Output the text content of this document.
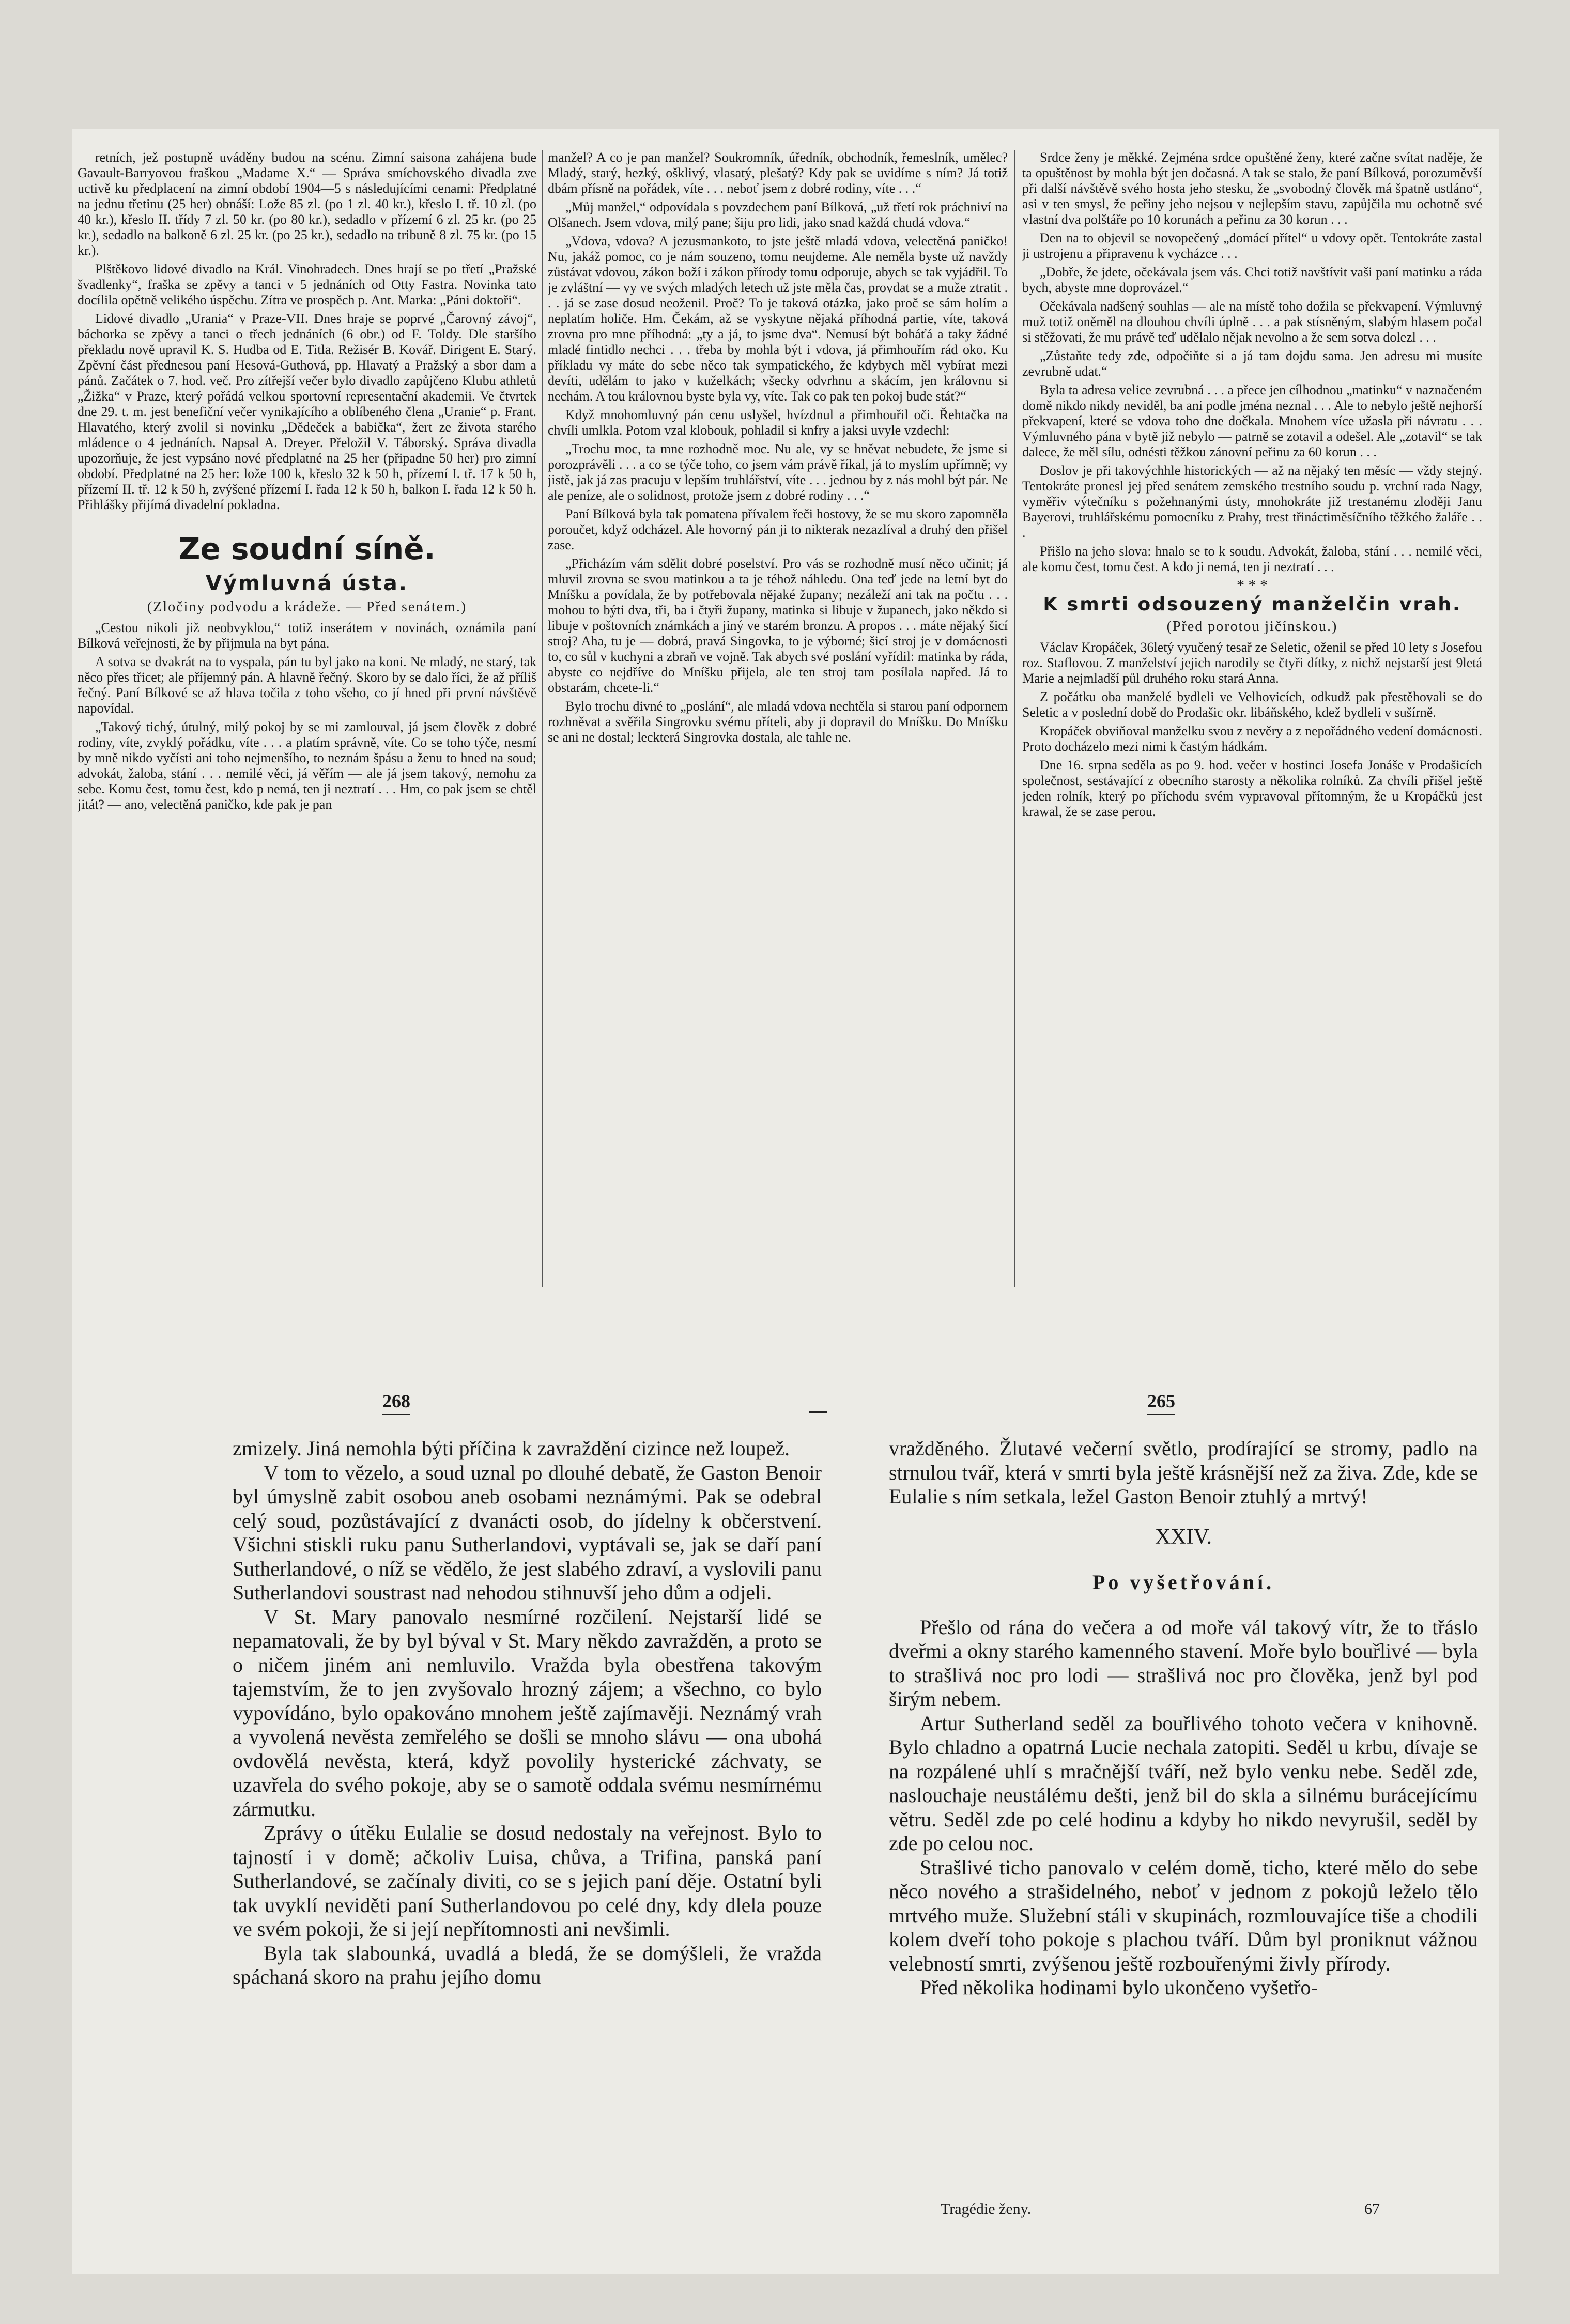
retních, jež postupně uváděny budou na scénu. Zimní saisona zahájena bude Gavault-Barryovou fraškou „Madame X.“ — Správa smíchovského divadla zve uctivě ku předplacení na zimní období 1904—5 s následujícími cenami: Předplatné na jednu třetinu (25 her) obnáší: Lože 85 zl. (po 1 zl. 40 kr.), křeslo I. tř. 10 zl. (po 40 kr.), křeslo II. třídy 7 zl. 50 kr. (po 80 kr.), sedadlo v přízemí 6 zl. 25 kr. (po 25 kr.), sedadlo na balkoně 6 zl. 25 kr. (po 25 kr.), sedadlo na tribuně 8 zl. 75 kr. (po 15 kr.).

Plštěkovo lidové divadlo na Král. Vinohradech. Dnes hrají se po třetí „Pražské švadlenky“, fraška se zpěvy a tanci v 5 jednáních od Otty Fastra. Novinka tato docílila opětně velikého úspěchu. Zítra ve prospěch p. Ant. Marka: „Páni doktoři“.

Lidové divadlo „Urania“ v Praze-VII. Dnes hraje se poprvé „Čarovný závoj“, báchorka se zpěvy a tanci o třech jednáních (6 obr.) od F. Toldy. Dle staršího překladu nově upravil K. S. Hudba od E. Titla. Režisér B. Kovář. Dirigent E. Starý. Zpěvní část přednesou paní Hesová-Guthová, pp. Hlavatý a Pražský a sbor dam a pánů. Začátek o 7. hod. več. Pro zítřejší večer bylo divadlo zapůjčeno Klubu athletů „Žižka“ v Praze, který pořádá velkou sportovní representační akademii. Ve čtvrtek dne 29. t. m. jest benefiční večer vynikajícího a oblíbeného člena „Uranie“ p. Frant. Hlavatého, který zvolil si novinku „Dědeček a babička“, žert ze života starého mládence o 4 jednáních. Napsal A. Dreyer. Přeložil V. Táborský. Správa divadla upozorňuje, že jest vypsáno nové předplatné na 25 her (připadne 50 her) pro zimní období. Předplatné na 25 her: lože 100 k, křeslo 32 k 50 h, přízemí I. tř. 17 k 50 h, přízemí II. tř. 12 k 50 h, zvýšené přízemí I. řada 12 k 50 h, balkon I. řada 12 k 50 h. Přihlášky přijímá divadelní pokladna.

Ze soudní síně.
Výmluvná ústa.
(Zločiny podvodu a krádeže. — Před senátem.)

„Cestou nikoli již neobvyklou,“ totiž inserátem v novinách, oznámila paní Bílková veřejnosti, že by přijmula na byt pána.

A sotva se dvakrát na to vyspala, pán tu byl jako na koni. Ne mladý, ne starý, tak něco přes třicet; ale příjemný pán. A hlavně řečný. Skoro by se dalo říci, že až příliš řečný. Paní Bílkové se až hlava točila z toho všeho, co jí hned při první návštěvě napovídal.

„Takový tichý, útulný, milý pokoj by se mi zamlouval, já jsem člověk z dobré rodiny, víte, zvyklý pořádku, víte . . . a platím správně, víte. Co se toho týče, nesmí by mně nikdo vyčísti ani toho nejmenšího, to neznám špásu a ženu to hned na soud; advokát, žaloba, stání . . . nemilé věci, já věřím — ale já jsem takový, nemohu za sebe. Komu čest, tomu čest, kdo p nemá, ten ji neztratí . . . Hm, co pak jsem se chtěl jitát? — ano, velectěná paničko, kde pak je pan

manžel? A co je pan manžel? Soukromník, úředník, obchodník, řemeslník, umělec? Mladý, starý, hezký, ošklivý, vlasatý, plešatý? Kdy pak se uvidíme s ním? Já totiž dbám přísně na pořádek, víte . . . neboť jsem z dobré rodiny, víte . . .“

„Můj manžel,“ odpovídala s povzdechem paní Bílková, „už třetí rok práchniví na Olšanech. Jsem vdova, milý pane; šiju pro lidi, jako snad každá chudá vdova.“

„Vdova, vdova? A jezusmankoto, to jste ještě mladá vdova, velectěná paničko! Nu, jakáž pomoc, co je nám souzeno, tomu neujdeme. Ale neměla byste už navždy zůstávat vdovou, zákon boží i zákon přírody tomu odporuje, abych se tak vyjádřil. To je zvláštní — vy ve svých mladých letech už jste měla čas, provdat se a muže ztratit . . . já se zase dosud neoženil. Proč? To je taková otázka, jako proč se sám holím a neplatím holiče. Hm. Čekám, až se vyskytne nějaká příhodná partie, víte, taková zrovna pro mne příhodná: „ty a já, to jsme dva“. Nemusí být boháťá a taky žádné mladé fintidlo nechci . . . třeba by mohla být i vdova, já přimhouřím rád oko. Ku příkladu vy máte do sebe něco tak sympatického, že kdybych měl vybírat mezi devíti, udělám to jako v kuželkách; všecky odvrhnu a skácím, jen královnu si nechám. A tou královnou byste byla vy, víte. Tak co pak ten pokoj bude stát?“

Když mnohomluvný pán cenu uslyšel, hvízdnul a přimhouřil oči. Řehtačka na chvíli umlkla. Potom vzal klobouk, pohladil si knfry a jaksi uvyle vzdechl:

„Trochu moc, ta mne rozhodně moc. Nu ale, vy se hněvat nebudete, že jsme si porozprávěli . . . a co se týče toho, co jsem vám právě říkal, já to myslím upřímně; vy jistě, jak já zas pracuju v lepším truhlářství, víte . . . jednou by z nás mohl být pár. Ne ale peníze, ale o solidnost, protože jsem z dobré rodiny . . .“

Paní Bílková byla tak pomatena přívalem řeči hostovy, že se mu skoro zapomněla poroučet, když odcházel. Ale hovorný pán ji to nikterak nezazlíval a druhý den přišel zase.

„Přicházím vám sdělit dobré poselství. Pro vás se rozhodně musí něco učinit; já mluvil zrovna se svou matinkou a ta je téhož náhledu. Ona teď jede na letní byt do Mníšku a povídala, že by potřebovala nějaké župany; nezáleží ani tak na počtu . . . mohou to býti dva, tři, ba i čtyři župany, matinka si libuje v županech, jako někdo si libuje v poštovních známkách a jiný ve starém bronzu. A propos . . . máte nějaký šicí stroj? Aha, tu je — dobrá, pravá Singovka, to je výborné; šicí stroj je v domácnosti to, co sůl v kuchyni a zbraň ve vojně. Tak abych své poslání vyřídil: matinka by ráda, abyste co nejdříve do Mníšku přijela, ale ten stroj tam posílala napřed. Já to obstarám, chcete-li.“

Bylo trochu divné to „poslání“, ale mladá vdova nechtěla si starou paní odpornem rozhněvat a svěřila Singrovku svému příteli, aby ji dopravil do Mníšku. Do Mníšku se ani ne dostal; leckterá Singrovka dostala, ale tahle ne.

Srdce ženy je měkké. Zejména srdce opuštěné ženy, které začne svítat naděje, že ta opuštěnost by mohla být jen dočasná. A tak se stalo, že paní Bílková, porozuměvší při další návštěvě svého hosta jeho stesku, že „svobodný člověk má špatně ustláno“, asi v ten smysl, že peřiny jeho nejsou v nejlepším stavu, zapůjčila mu ochotně své vlastní dva polštáře po 10 korunách a peřinu za 30 korun . . .

Den na to objevil se novopečený „domácí přítel“ u vdovy opět. Tentokráte zastal ji ustrojenu a připravenu k vycházce . . .

„Dobře, že jdete, očekávala jsem vás. Chci totiž navštívit vaši paní matinku a ráda bych, abyste mne doprovázel.“

Očekávala nadšený souhlas — ale na místě toho dožila se překvapení. Výmluvný muž totiž oněměl na dlouhou chvíli úplně . . . a pak stísněným, slabým hlasem počal si stěžovati, že mu právě teď udělalo nějak nevolno a že sem sotva dolezl . . .

„Zůstaňte tedy zde, odpočiňte si a já tam dojdu sama. Jen adresu mi musíte zevrubně udat.“

Byla ta adresa velice zevrubná . . . a přece jen cílhodnou „matinku“ v naznačeném domě nikdo nikdy neviděl, ba ani podle jména neznal . . . Ale to nebylo ještě nejhorší překvapení, které se vdova toho dne dočkala. Mnohem více užasla při návratu . . . Výmluvného pána v bytě již nebylo — patrně se zotavil a odešel. Ale „zotavil“ se tak dalece, že měl sílu, odnésti těžkou zánovní peřinu za 60 korun . . .

Doslov je při takovýchhle historických — až na nějaký ten měsíc — vždy stejný. Tentokráte pronesl jej před senátem zemského trestního soudu p. vrchní rada Nagy, vyměřiv výtečníku s požehnanými ústy, mnohokráte již trestanému zloději Janu Bayerovi, truhlářskému pomocníku z Prahy, trest třináctiměsíčního těžkého žaláře . . .

Přišlo na jeho slova: hnalo se to k soudu. Advokát, žaloba, stání . . . nemilé věci, ale komu čest, tomu čest. A kdo ji nemá, ten ji neztratí . . .

* * *
K smrti odsouzený manželčin vrah.
(Před porotou jičínskou.)

Václav Kropáček, 36letý vyučený tesař ze Seletic, oženil se před 10 lety s Josefou roz. Staflovou. Z manželství jejich narodily se čtyři dítky, z nichž nejstarší jest 9letá Marie a nejmladší půl druhého roku stará Anna.

Z počátku oba manželé bydleli ve Velhovicích, odkudž pak přestěhovali se do Seletic a v poslední době do Prodašic okr. libáňského, kdež bydleli v sušírně.

Kropáček obviňoval manželku svou z nevěry a z nepořádného vedení domácnosti. Proto docházelo mezi nimi k častým hádkám.

Dne 16. srpna seděla as po 9. hod. večer v hostinci Josefa Jonáše v Prodašicích společnost, sestávající z obecního starosty a několika rolníků. Za chvíli přišel ještě jeden rolník, který po příchodu svém vypravoval přítomným, že u Kropáčků jest krawal, že se zase perou.

268	265

zmizely. Jiná nemohla býti příčina k zavraždění cizince než loupež.

V tom to vězelo, a soud uznal po dlouhé debatě, že Gaston Benoir byl úmyslně zabit osobou aneb osobami neznámými. Pak se odebral celý soud, pozůstávající z dvanácti osob, do jídelny k občerstvení. Všichni stiskli ruku panu Sutherlandovi, vyptávali se, jak se daří paní Sutherlandové, o níž se vědělo, že jest slabého zdraví, a vyslovili panu Sutherlandovi soustrast nad nehodou stihnuvší jeho dům a odjeli.

V St. Mary panovalo nesmírné rozčilení. Nejstarší lidé se nepamatovali, že by byl býval v St. Mary někdo zavražděn, a proto se o ničem jiném ani nemluvilo. Vražda byla obestřena takovým tajemstvím, že to jen zvyšovalo hrozný zájem; a všechno, co bylo vypovídáno, bylo opakováno mnohem ještě zajímavěji. Neznámý vrah a vyvolená nevěsta zemřelého se došli se mnoho slávu — ona ubohá ovdovělá nevěsta, která, když povolily hysterické záchvaty, se uzavřela do svého pokoje, aby se o samotě oddala svému nesmírnému zármutku.

Zprávy o útěku Eulalie se dosud nedostaly na veřejnost. Bylo to tajností i v domě; ačkoliv Luisa, chůva, a Trifina, panská paní Sutherlandové, se začínaly diviti, co se s jejich paní děje. Ostatní byli tak uvyklí neviděti paní Sutherlandovou po celé dny, kdy dlela pouze ve svém pokoji, že si její nepřítomnosti ani nevšimli.

Byla tak slabounká, uvadlá a bledá, že se domýšleli, že vražda spáchaná skoro na prahu jejího domu

vražděného. Žlutavé večerní světlo, prodírající se stromy, padlo na strnulou tvář, která v smrti byla ještě krásnější než za živa. Zde, kde se Eulalie s ním setkala, ležel Gaston Benoir ztuhlý a mrtvý!

XXIV.
Po vyšetřování.

Přešlo od rána do večera a od moře vál takový vítr, že to třáslo dveřmi a okny starého kamenného stavení. Moře bylo bouřlivé — byla to strašlivá noc pro lodi — strašlivá noc pro člověka, jenž byl pod širým nebem.

Artur Sutherland seděl za bouřlivého tohoto večera v knihovně. Bylo chladno a opatrná Lucie nechala zatopiti. Seděl u krbu, dívaje se na rozpálené uhlí s mračnější tváří, než bylo venku nebe. Seděl zde, naslouchaje neustálému dešti, jenž bil do skla a silnému burácejícímu větru. Seděl zde po celé hodinu a kdyby ho nikdo nevyrušil, seděl by zde po celou noc.

Strašlivé ticho panovalo v celém domě, ticho, které mělo do sebe něco nového a strašidelného, neboť v jednom z pokojů leželo tělo mrtvého muže. Služební stáli v skupinách, rozmlouvajíce tiše a chodili kolem dveří toho pokoje s plachou tváří. Dům byl proniknut vážnou velebností smrti, zvýšenou ještě rozbouřenými živly přírody.

Před několika hodinami bylo ukončeno vyšetřo-

Tragédie ženy.	67
